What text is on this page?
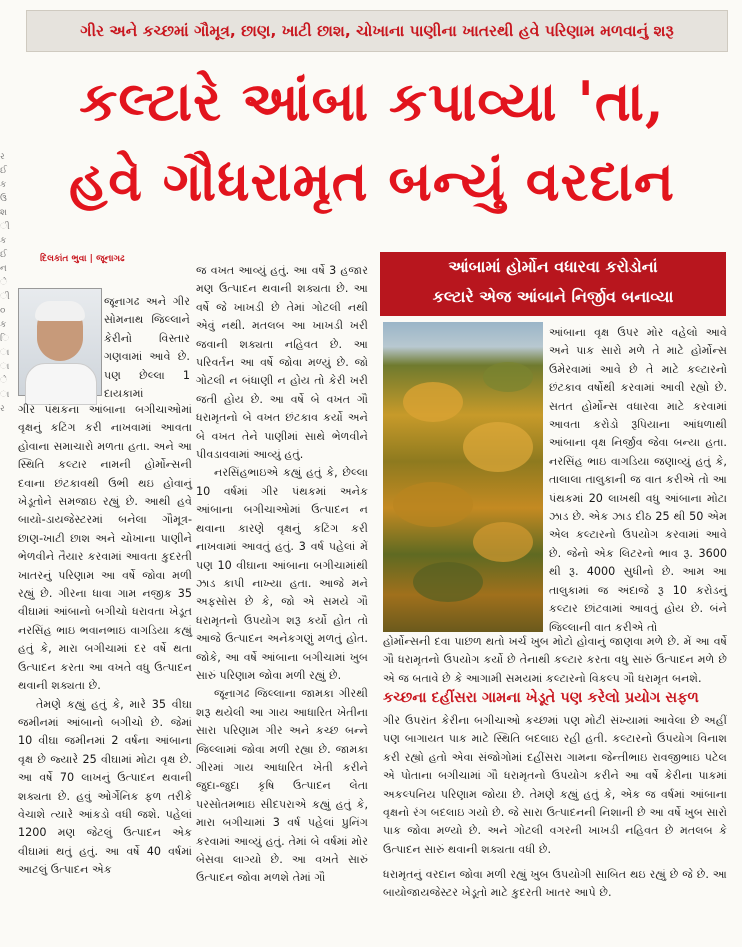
ર ઈ ક ઉ શ ી ક ઈ ન ે ી ૦ ક િ ા ા ે ા ર
ગીર અને કચ્છમાં ગૌમૂત્ર, છાણ, ખાટી છાશ, ચોખાના પાણીના ખાતરથી હવે પરિણામ મળવાનું શરૂ
કલ્ટારે આંબા કપાવ્યા 'તા,
હવે ગૌધરામૃત બન્યું વરદાન
દિલકાંત ભુવા | જૂનાગઢ

જૂનાગઢ અને ગીર સોમનાથ જિલ્લાને કેરીનો વિસ્તાર ગણવામાં આવે છે. પણ છેલ્લા 1 દાયકામાં

ગીર પંથકના આંબાના બગીચાઓમાં વૃક્ષનું કટિંગ કરી નાખવામાં આવતા હોવાના સમાચારો મળતા હતા. અને આ સ્થિતિ કલ્ટાર નામની હોર્મોન્સની દવાના છંટકાવથી ઉભી થઇ હોવાનું ખેડૂતોને સમજાઇ રહ્યું છે. આથી હવે બાયો-ડાયજેસ્ટરમાં બનેલા ગૌમૂત્ર-છાણ-ખાટી છાશ અને ચોખાના પાણીને ભેળવીને તૈયાર કરવામાં આવતા કુદરતી ખાતરનું પરિણામ આ વર્ષે જોવા મળી રહ્યું છે. ગીરના ધાવા ગામ નજીક 35 વીઘામાં આંબાનો બગીચો ધરાવતા ખેડૂત નરસિંહ ભાઇ ભવાનભાઇ વાગડિયા કહ્યું હતું કે, મારા બગીચામાં દર વર્ષે થતા ઉત્પાદન કરતા આ વખતે વધુ ઉત્પાદન થવાની શક્યતા છે.

તેમણે કહ્યું હતું કે, મારે 35 વીઘા જમીનમાં આંબાનો બગીચો છે. જેમાં 10 વીઘા જમીનમાં 2 વર્ષના આંબાના વૃક્ષ છે જ્યારે 25 વીઘામાં મોટા વૃક્ષ છે. આ વર્ષે 70 લાખનું ઉત્પાદન થવાની શક્યતા છે. હવું ઓર્ગેનિક ફળ તરીકે વેચાશે ત્યારે આંકડો વધી જશે. પહેલાં 1200 મણ જેટલું ઉત્પાદન એક વીઘામાં થતું હતું. આ વર્ષે 40 વર્ષમાં આટલું ઉત્પાદન એક

જ વખત આવ્યું હતું. આ વર્ષે 3 હજાર મણ ઉત્પાદન થવાની શક્યતા છે. આ વર્ષે જે ખાખડી છે તેમાં ગોટલી નથી એવું નથી. મતલબ આ ખાખડી ખરી જવાની શક્યતા નહિવત છે. આ પરિવર્તન આ વર્ષે જોવા મળ્યું છે. જો ગોટલી ન બંધાણી ન હોય તો કેરી ખરી જતી હોય છે. આ વર્ષે બે વખત ગૌ ધરામૃતનો બે વખત છંટકાવ કર્યો અને બે વખત તેને પાણીમાં સાથે ભેળવીને પીવડાવવામાં આવ્યું હતું.

નરસિંહભાઇએ કહ્યું હતું કે, છેલ્લા 10 વર્ષમાં ગીર પંથકમાં અનેક આંબાના બગીચાઓમાં ઉત્પાદન ન થવાના કારણે વૃક્ષનું કટિંગ કરી નાખવામાં આવતું હતું. 3 વર્ષ પહેલાં મેં પણ 10 વીઘાના આંબાના બગીચામાંથી ઝાડ કાપી નાખ્યા હતા. આજે મને અફસોસ છે કે, જો એ સમયે ગૌ ધરામૃતનો ઉપયોગ શરૂ કર્યો હોત તો આજે ઉત્પાદન અનેકગણું મળતું હોત. જોકે, આ વર્ષે આંબાના બગીચામાં ખુબ સારું પરિણામ જોવા મળી રહ્યું છે.

જૂનાગઢ જિલ્લાના જામકા ગીરથી શરૂ થયેલી આ ગાય આધારિત ખેતીના સારા પરિણામ ગીર અને કચ્છ બન્ને જિલ્લામાં જોવા મળી રહ્યા છે. જામકા ગીરમાં ગાય આધારિત ખેતી કરીને જુદા-જુદા કૃષિ ઉત્પાદન લેતા પરસોતમભાઇ સીદપરાએ કહ્યું હતું કે, મારા બગીચામાં 3 વર્ષ પહેલાં પ્રુનિંગ કરવામાં આવ્યું હતું. તેમાં બે વર્ષમાં મોર બેસવા લાગ્યો છે. આ વખતે સારું ઉત્પાદન જોવા મળશે તેમાં ગૌ

આંબામાં હોર્મોન વધારવા કરોડોનાં
કલ્ટારે એજ આંબાને નિર્જીવ બનાવ્યા

આંબાના વૃક્ષ ઉપર મોર વહેલો આવે અને પાક સારો મળે તે માટે હોર્મોન્સ ઉમેરવામાં આવે છે તે માટે કલ્ટારનો છંટકાવ વર્ષોથી કરવામાં આવી રહ્યો છે. સતત હોર્મોન્સ વધારવા માટે કરવામાં આવતા કરોડો રૂપિયાના આંધળાથી આંબાના વૃક્ષ નિર્જીવ જેવા બન્યા હતા. નરસિંહ ભાઇ વાગડિયા જણાવ્યું હતું કે, તાલાલા તાલુકાની જ વાત કરીએ તો આ પંથકમાં 20 લાખથી વધુ આંબાના મોટા ઝાડ છે. એક ઝાડ દીઠ 25 થી 50 એમ એલ કલ્ટારનો ઉપયોગ કરવામાં આવે છે. જેનો એક લિટરનો ભાવ રૂ. 3600 થી રૂ. 4000 સુધીનો છે. આમ આ તાલુકામાં જ અંદાજે રૂ 10 કરોડનું કલ્ટાર છાંટવામાં આવતું હોય છે. બંને જિલ્લાની વાત કરીએ તો

હોર્મોન્સની દવા પાછળ થતો ખર્ચ ખુબ મોટો હોવાનું જાણવા મળે છે. મેં આ વર્ષે ગૌ ધરામૃતનો ઉપયોગ કર્યો છે તેનાથી કલ્ટાર કરતા વધુ સારું ઉત્પાદન મળે છે એ જ બતાવે છે કે આગામી સમયમાં કલ્ટારનો વિકલ્પ ગૌ ધરામૃત બનશે.

કચ્છના દહીંસરા ગામના ખેડૂતે પણ કરેલો પ્રયોગ સફળ

ગીર ઉપરાંત કેરીના બગીચાઓ કચ્છમાં પણ મોટી સંખ્યામાં આવેલા છે અહીં પણ બાગાયત પાક માટે સ્થિતિ બદલાઇ રહી હતી. કલ્ટારનો ઉપયોગ વિનાશ કરી રહ્યો હતો એવા સંજોગોમાં દહીંસરા ગામના જેન્તીભાઇ રાવજીભાઇ પટેલ એ પોતાના બગીચામાં ગૌ ધરામૃતનો ઉપયોગ કરીને આ વર્ષે કેરીના પાકમાં અકલ્પનિય પરિણામ જોયા છે. તેમણે કહ્યું હતું કે, એક જ વર્ષમાં આંબાના વૃક્ષનો રંગ બદલાઇ ગયો છે. જે સારા ઉત્પાદનની નિશાની છે આ વર્ષે ખુબ સારો પાક જોવા મળ્યો છે. અને ગોટલી વગરની ખાખડી નહિવત છે મતલબ કે ઉત્પાદન સારું થવાની શક્યતા વધી છે.

ધરામૃતનું વરદાન જોવા મળી રહ્યું ખુબ ઉપયોગી સાબિત થઇ રહ્યું છે જે છે. આ બાયોજાયજેસ્ટર ખેડૂતો માટે કુદરતી ખાતર આપે છે.
